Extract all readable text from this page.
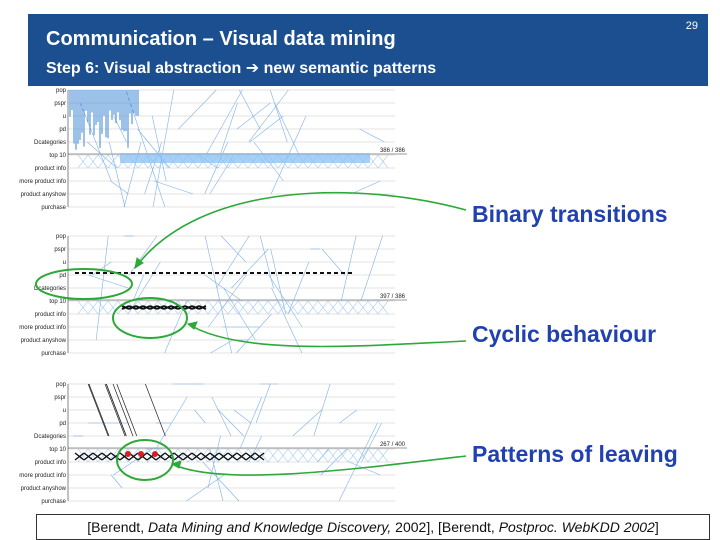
Communication – Visual data mining
Step 6: Visual abstraction ➔ new semantic patterns
29
pop
pspr
u
pd
Dcategories
top 10
product info
more product info
product anyshow
purchase
386 / 386
pop
pspr
u
pd
Dcategories
top 10
product info
more product info
product anyshow
purchase
397 / 386
pop
pspr
u
pd
Dcategories
top 10
product info
more product info
product anyshow
purchase
267 / 400
Binary transitions
Cyclic behaviour
Patterns of leaving
[Berendt, Data Mining and Knowledge Discovery, 2002], [Berendt, Postproc. WebKDD 2002]
